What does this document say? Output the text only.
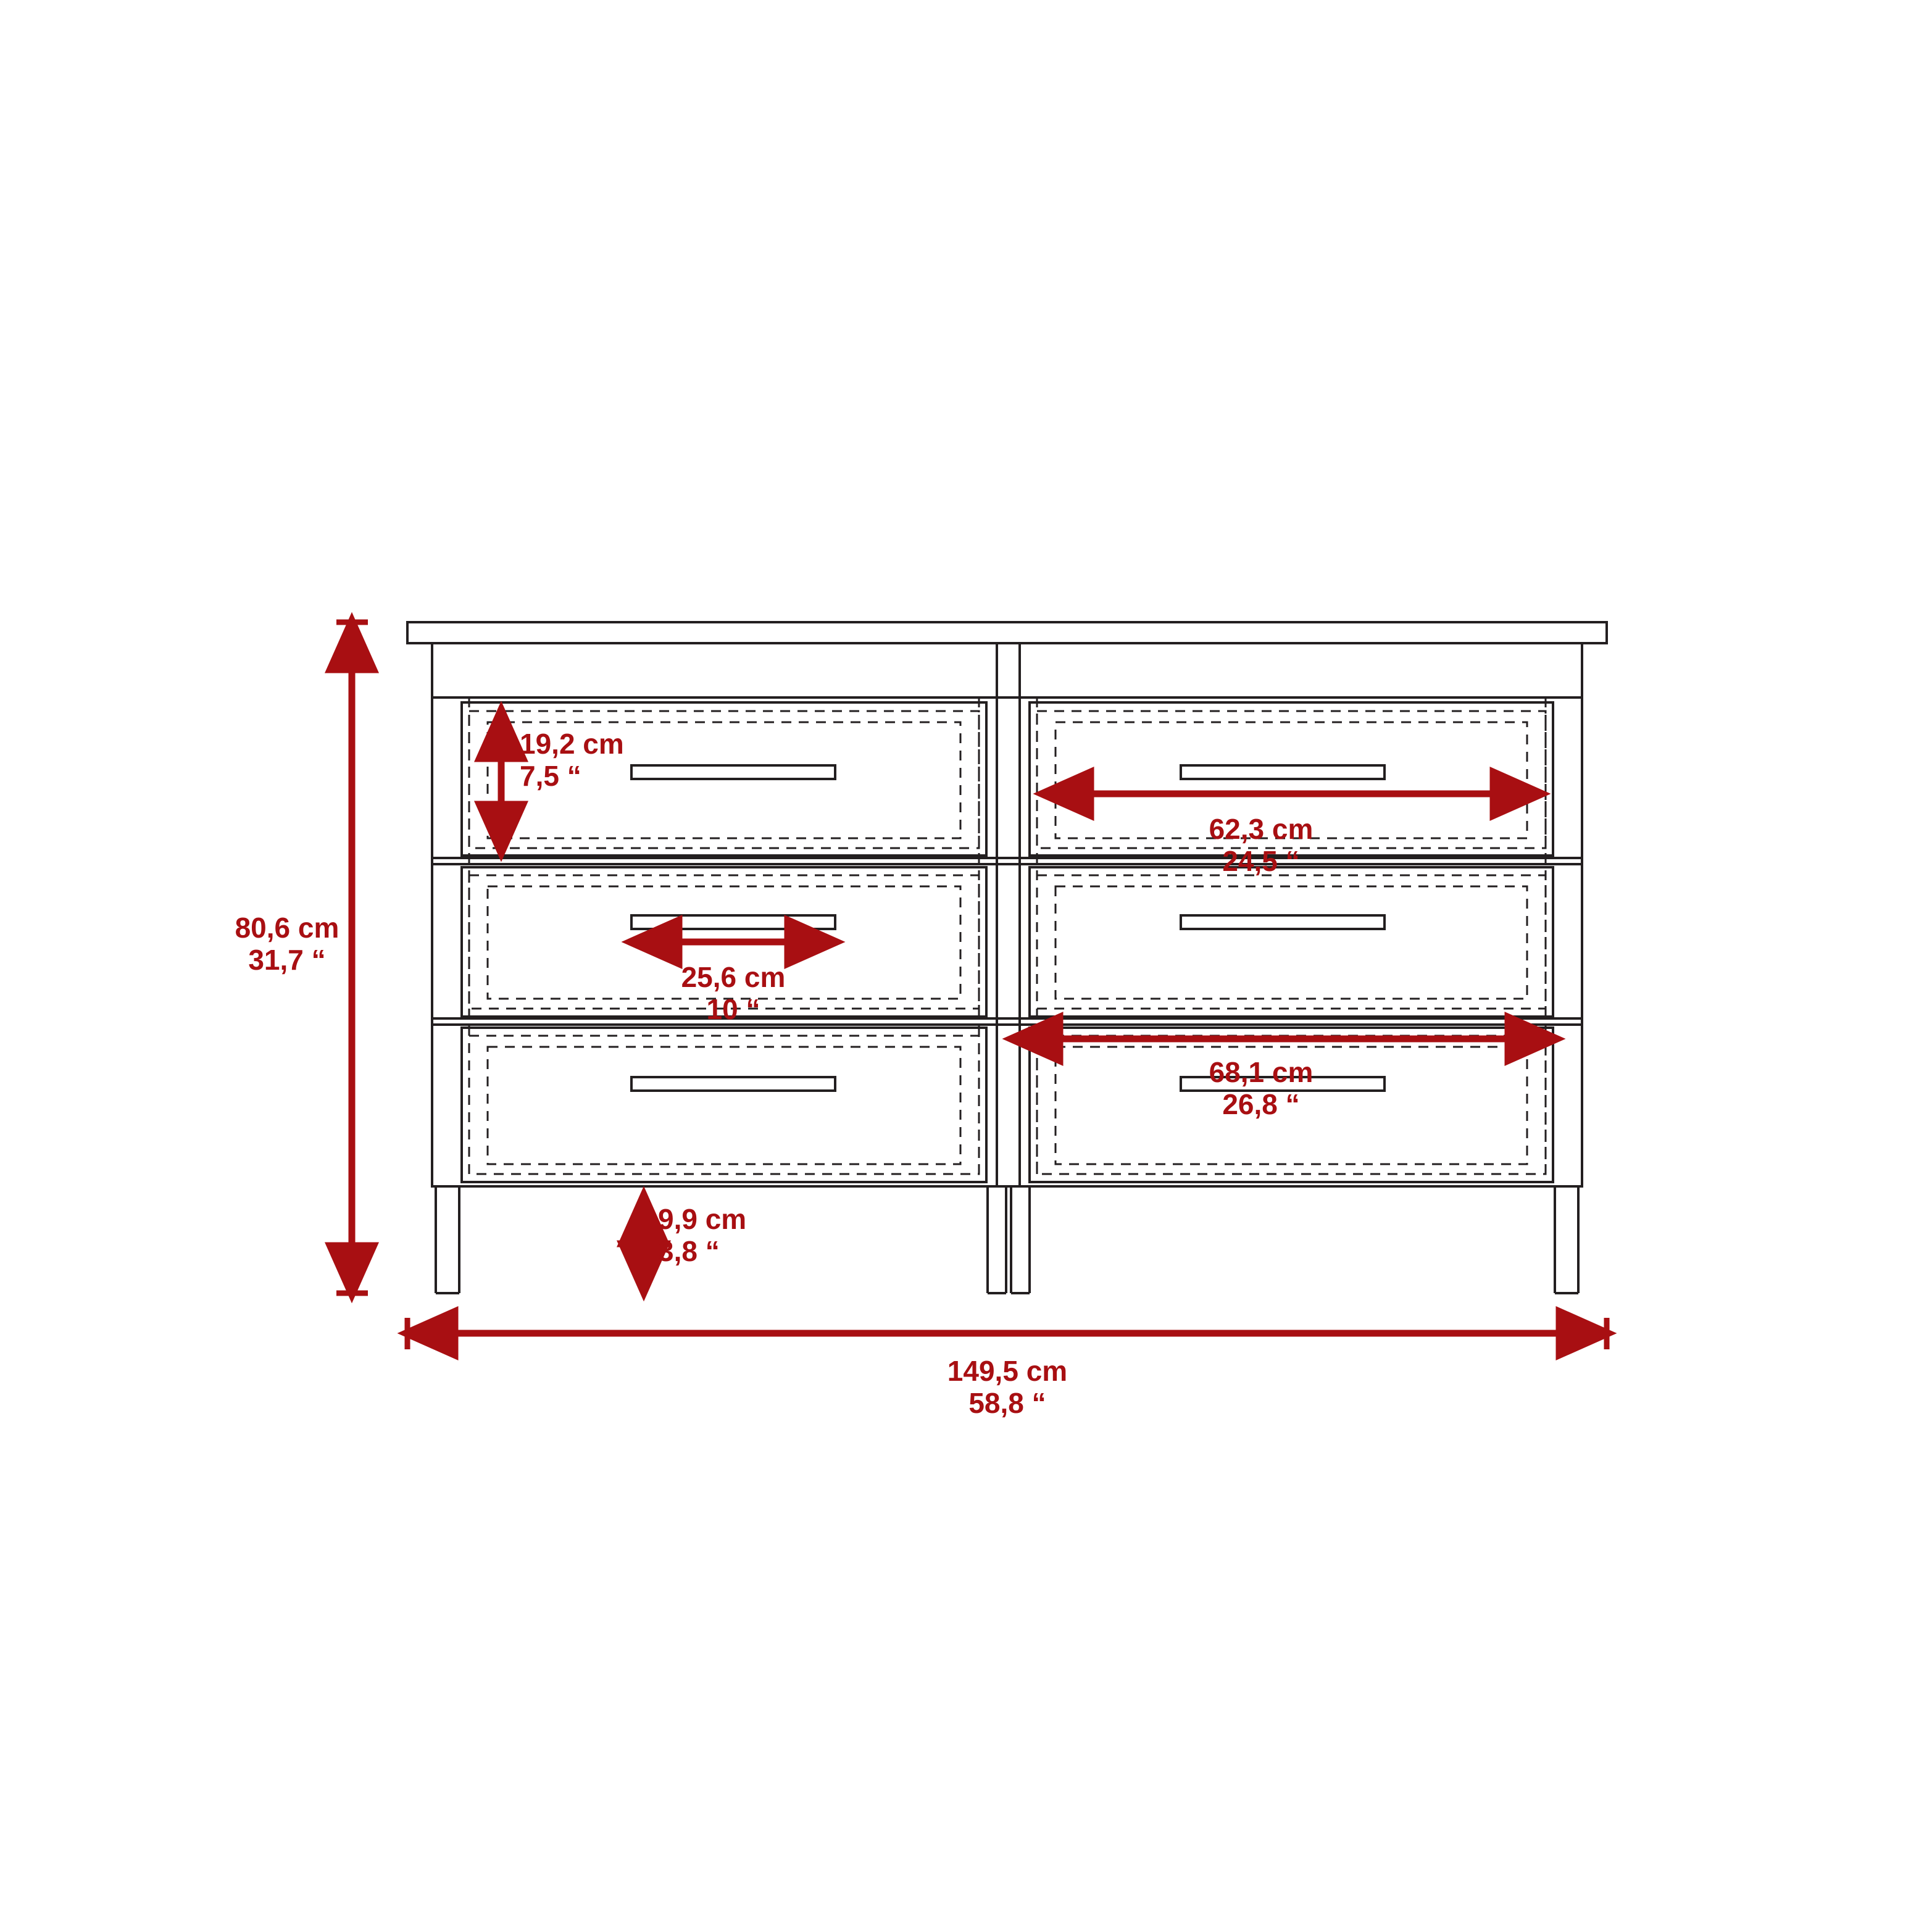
80,6 cm
31,7 “
19,2 cm
7,5 “
62,3 cm
24,5 “
25,6 cm
10 “
68,1 cm
26,8 “
9,9 cm
3,8 “
149,5 cm
58,8 “
